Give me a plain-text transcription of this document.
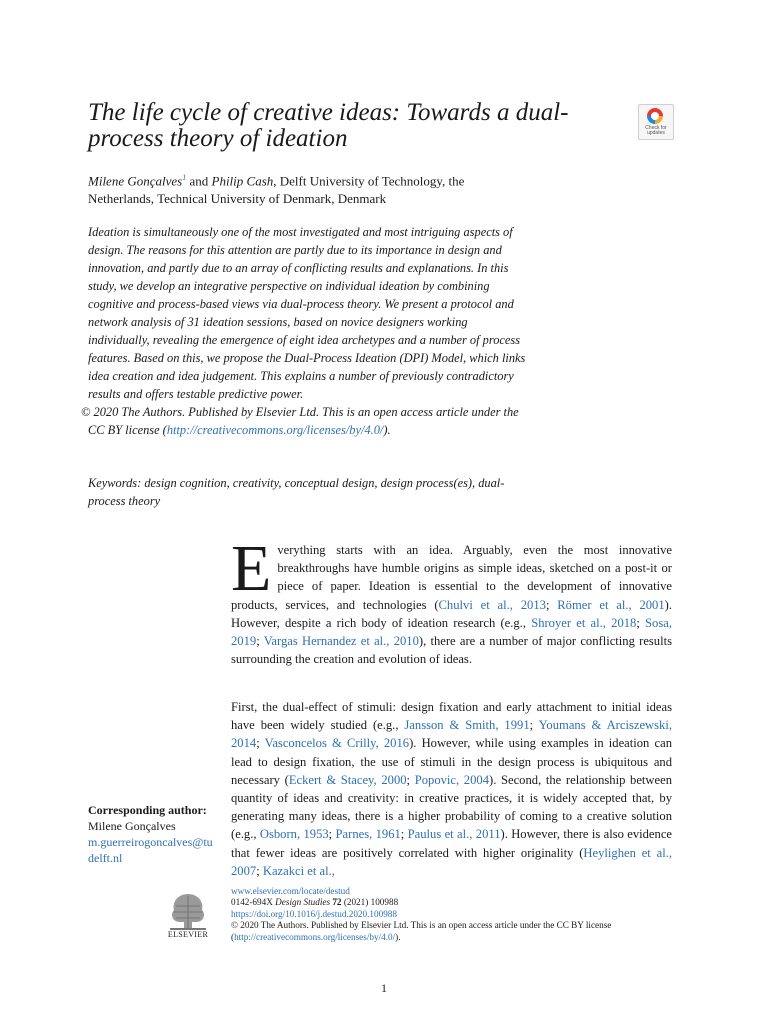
The life cycle of creative ideas: Towards a dual-process theory of ideation	Check for
updates
Milene Gonçalves$^1$ and Philip Cash, Delft University of Technology, the Netherlands, Technical University of Denmark, Denmark
Ideation is simultaneously one of the most investigated and most intriguing aspects of design. The reasons for this attention are partly due to its importance in design and innovation, and partly due to an array of conflicting results and explanations. In this study, we develop an integrative perspective on individual ideation by combining cognitive and process-based views via dual-process theory. We present a protocol and network analysis of 31 ideation sessions, based on novice designers working individually, revealing the emergence of eight idea archetypes and a number of process features. Based on this, we propose the Dual-Process Ideation (DPI) Model, which links idea creation and idea judgement. This explains a number of previously contradictory results and offers testable predictive power.
© 2020 The Authors. Published by Elsevier Ltd. This is an open access article under the CC BY license (http://creativecommons.org/licenses/by/4.0/).
Keywords: design cognition, creativity, conceptual design, design process(es), dual-process theory

Everything starts with an idea. Arguably, even the most innovative breakthroughs have humble origins as simple ideas, sketched on a post-it or piece of paper. Ideation is essential to the development of innovative products, services, and technologies (Chulvi et al., 2013; Römer et al., 2001). However, despite a rich body of ideation research (e.g., Shroyer et al., 2018; Sosa, 2019; Vargas Hernandez et al., 2010), there are a number of major conflicting results surrounding the creation and evolution of ideas.

First, the dual-effect of stimuli: design fixation and early attachment to initial ideas have been widely studied (e.g., Jansson & Smith, 1991; Youmans & Arciszewski, 2014; Vasconcelos & Crilly, 2016). However, while using examples in ideation can lead to design fixation, the use of stimuli in the design process is ubiquitous and necessary (Eckert & Stacey, 2000; Popovic, 2004). Second, the relationship between quantity of ideas and creativity: in creative practices, it is widely accepted that, by generating many ideas, there is a higher probability of coming to a creative solution (e.g., Osborn, 1953; Parnes, 1961; Paulus et al., 2011). However, there is also evidence that fewer ideas are positively correlated with higher originality (Heylighen et al., 2007; Kazakci et al.,

Corresponding author:
Milene Gonçalves
m.guerreirogoncalves@tudelft.nl
ELSEVIER
www.elsevier.com/locate/destud
0142-694X Design Studies 72 (2021) 100988
https://doi.org/10.1016/j.destud.2020.100988
© 2020 The Authors. Published by Elsevier Ltd. This is an open access article under the CC BY license
(http://creativecommons.org/licenses/by/4.0/).
1
